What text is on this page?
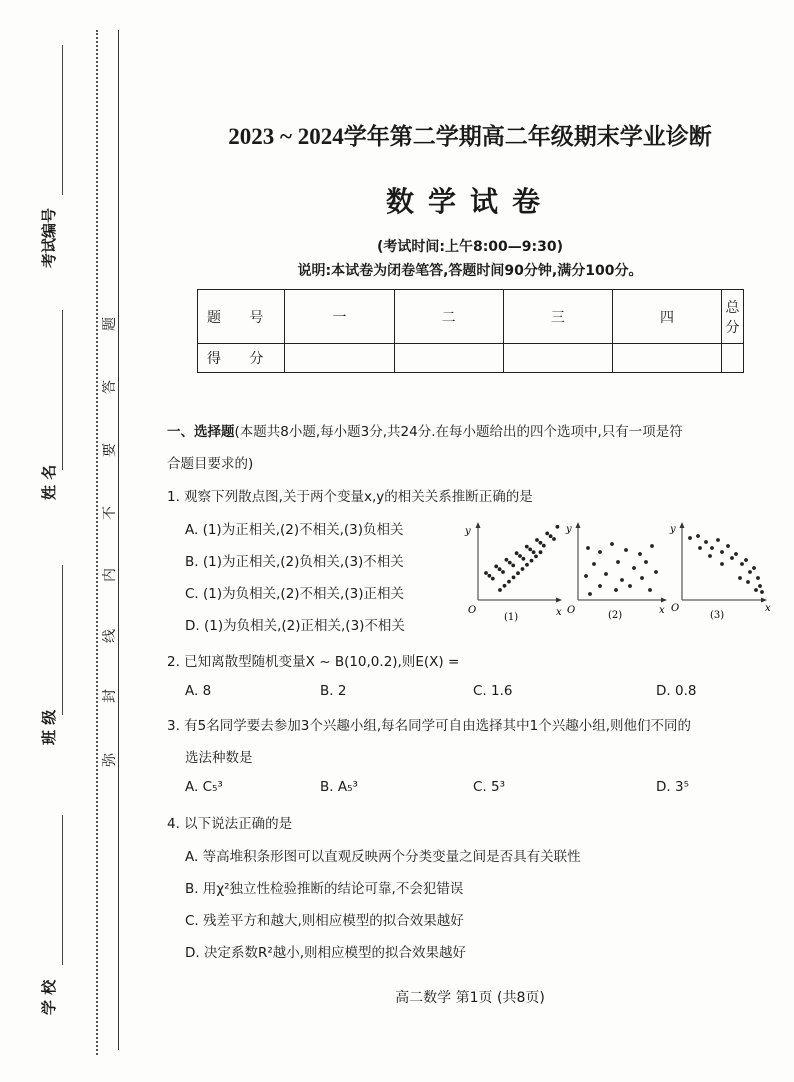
考试编号
姓 名
班 级
学 校
弥
封
线
内
不
要
答
题
2023 ~ 2024学年第二学期高二年级期末学业诊断
数学试卷
(考试时间:上午8:00—9:30)
说明:本试卷为闭卷笔答,答题时间90分钟,满分100分。
题 号	一	二	三	四	总 分
得 分					
一、选择题(本题共8小题,每小题3分,共24分.在每小题给出的四个选项中,只有一项是符
合题目要求的)
1. 观察下列散点图,关于两个变量x,y的相关关系推断正确的是
A. (1)为正相关,(2)不相关,(3)负相关
B. (1)为正相关,(2)负相关,(3)不相关
C. (1)为负相关,(2)不相关,(3)正相关
D. (1)为负相关,(2)正相关,(3)不相关
y
x
O
(1)
y
x
O	(2)
y
x
O
(3)
2. 已知离散型随机变量X ~ B(10,0.2),则E(X) =
A. 8	B. 2	C. 1.6	D. 0.8
3. 有5名同学要去参加3个兴趣小组,每名同学可自由选择其中1个兴趣小组,则他们不同的
选法种数是
A. C₅³	B. A₅³	C. 5³	D. 3⁵
4. 以下说法正确的是
A. 等高堆积条形图可以直观反映两个分类变量之间是否具有关联性
B. 用χ²独立性检验推断的结论可靠,不会犯错误
C. 残差平方和越大,则相应模型的拟合效果越好
D. 决定系数R²越小,则相应模型的拟合效果越好
高二数学 第1页 (共8页)
